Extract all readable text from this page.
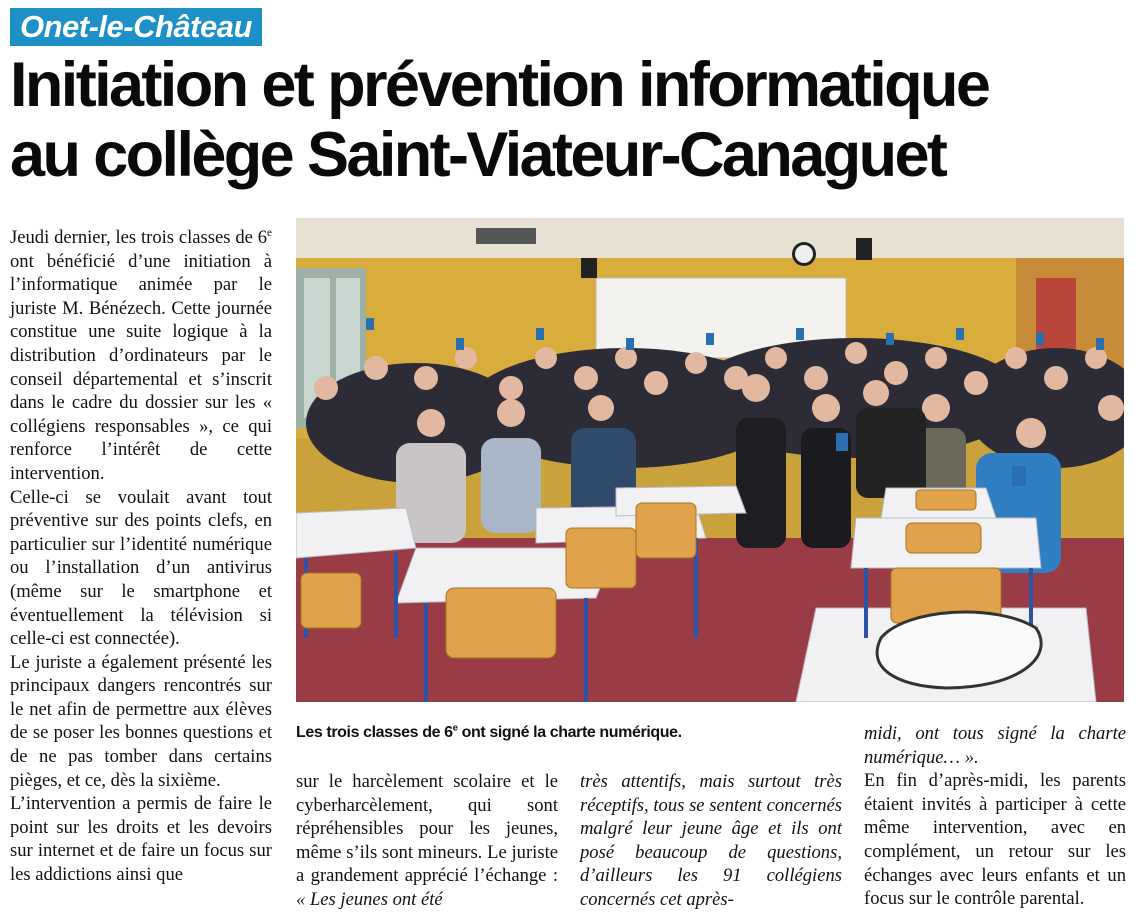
Onet-le-Château
Initiation et prévention informatique
au collège Saint-Viateur-Canaguet

Jeudi dernier, les trois classes de 6e ont bénéficié d’une initiation à l’informatique animée par le juriste M. Bénézech. Cette journée constitue une suite logique à la distribution d’ordinateurs par le conseil départemental et s’inscrit dans le cadre du dossier sur les « collégiens responsables », ce qui renforce l’intérêt de cette intervention.

Celle-ci se voulait avant tout préventive sur des points clefs, en particulier sur l’identité numérique ou l’installation d’un antivirus (même sur le smartphone et éventuellement la télévision si celle-ci est connectée).

Le juriste a également présenté les principaux dangers rencontrés sur le net afin de permettre aux élèves de se poser les bonnes questions et de ne pas tomber dans certains pièges, et ce, dès la sixième.

L’intervention a permis de faire le point sur les droits et les devoirs sur internet et de faire un focus sur les addictions ainsi que

Les trois classes de 6e ont signé la charte numérique.

sur le harcèlement scolaire et le cyberharcèlement, qui sont répréhensibles pour les jeunes, même s’ils sont mineurs. Le juriste a grandement apprécié l’échange : « Les jeunes ont été

très attentifs, mais surtout très réceptifs, tous se sentent concernés malgré leur jeune âge et ils ont posé beaucoup de questions, d’ailleurs les 91 collégiens concernés cet après-

midi, ont tous signé la charte numérique… ».

En fin d’après-midi, les parents étaient invités à participer à cette même intervention, avec en complément, un retour sur les échanges avec leurs enfants et un focus sur le contrôle parental.
